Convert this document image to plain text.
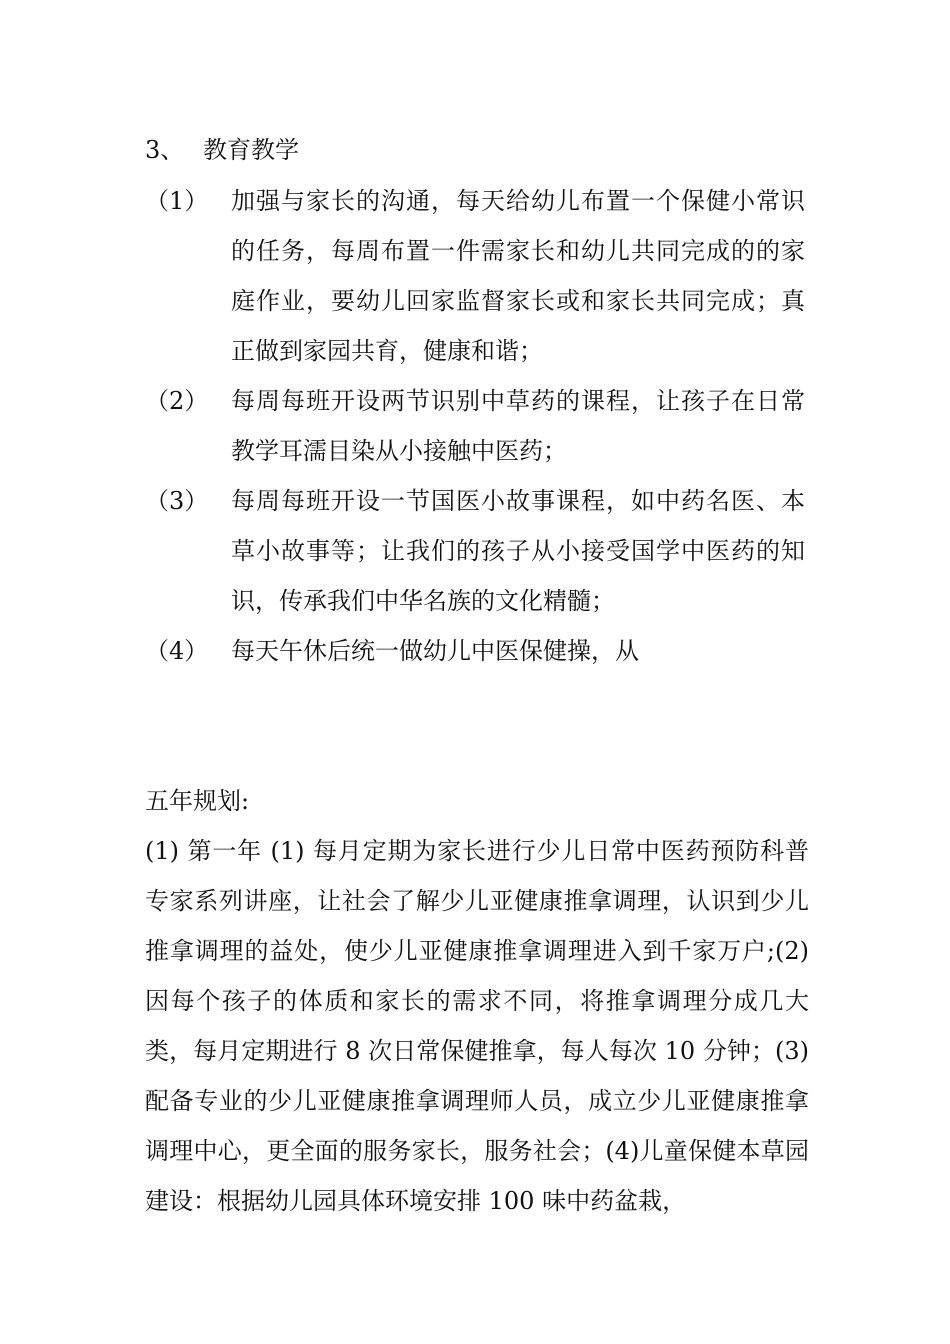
3、 教育教学
（1） 加强与家长的沟通，每天给幼儿布置一个保健小常识的任务，每周布置一件需家长和幼儿共同完成的的家庭作业，要幼儿回家监督家长或和家长共同完成；真正做到家园共育，健康和谐；
（2） 每周每班开设两节识别中草药的课程，让孩子在日常教学耳濡目染从小接触中医药；
（3） 每周每班开设一节国医小故事课程，如中药名医、本草小故事等；让我们的孩子从小接受国学中医药的知识，传承我们中华名族的文化精髓；
（4） 每天午休后统一做幼儿中医保健操，从
五年规划:
(1) 第一年 (1) 每月定期为家长进行少儿日常中医药预防科普专家系列讲座，让社会了解少儿亚健康推拿调理，认识到少儿推拿调理的益处，使少儿亚健康推拿调理进入到千家万户;(2) 因每个孩子的体质和家长的需求不同，将推拿调理分成几大类，每月定期进行 8 次日常保健推拿，每人每次 10 分钟；(3) 配备专业的少儿亚健康推拿调理师人员，成立少儿亚健康推拿调理中心，更全面的服务家长，服务社会；(4)儿童保健本草园建设：根据幼儿园具体环境安排 100 味中药盆栽，
